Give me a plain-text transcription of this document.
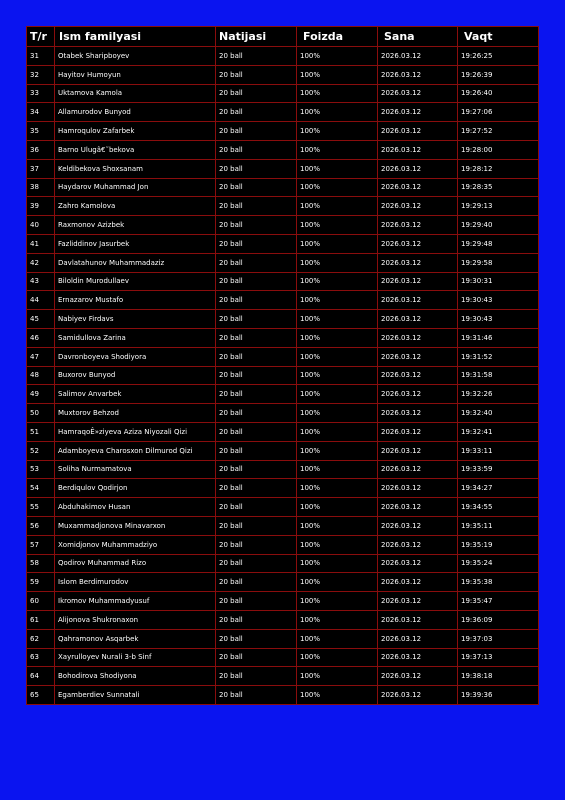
T/r	Ism familyasi	Natijasi	Foizda	Sana	Vaqt
31	Otabek Sharipboyev	20 ball	100%	2026.03.12	19:26:25
32	Hayitov Humoyun	20 ball	100%	2026.03.12	19:26:39
33	Uktamova Kamola	20 ball	100%	2026.03.12	19:26:40
34	Allamurodov Bunyod	20 ball	100%	2026.03.12	19:27:06
35	Hamroqulov Zafarbek	20 ball	100%	2026.03.12	19:27:52
36	Barno Ulugâ€˜bekova	20 ball	100%	2026.03.12	19:28:00
37	Keldibekova Shoxsanam	20 ball	100%	2026.03.12	19:28:12
38	Haydarov Muhammad Jon	20 ball	100%	2026.03.12	19:28:35
39	Zahro Kamolova	20 ball	100%	2026.03.12	19:29:13
40	Raxmonov Azizbek	20 ball	100%	2026.03.12	19:29:40
41	Fazliddinov Jasurbek	20 ball	100%	2026.03.12	19:29:48
42	Davlatahunov Muhammadaziz	20 ball	100%	2026.03.12	19:29:58
43	Biloldin Murodullaev	20 ball	100%	2026.03.12	19:30:31
44	Ernazarov Mustafo	20 ball	100%	2026.03.12	19:30:43
45	Nabiyev Firdavs	20 ball	100%	2026.03.12	19:30:43
46	Samidullova Zarina	20 ball	100%	2026.03.12	19:31:46
47	Davronboyeva Shodiyora	20 ball	100%	2026.03.12	19:31:52
48	Buxorov Bunyod	20 ball	100%	2026.03.12	19:31:58
49	Salimov Anvarbek	20 ball	100%	2026.03.12	19:32:26
50	Muxtorov Behzod	20 ball	100%	2026.03.12	19:32:40
51	HamraqoÊ»ziyeva Aziza Niyozali Qizi	20 ball	100%	2026.03.12	19:32:41
52	Adamboyeva Charosxon Dilmurod Qizi	20 ball	100%	2026.03.12	19:33:11
53	Soliha Nurmamatova	20 ball	100%	2026.03.12	19:33:59
54	Berdiqulov Qodirjon	20 ball	100%	2026.03.12	19:34:27
55	Abduhakimov Husan	20 ball	100%	2026.03.12	19:34:55
56	Muxammadjonova Minavarxon	20 ball	100%	2026.03.12	19:35:11
57	Xomidjonov Muhammadziyo	20 ball	100%	2026.03.12	19:35:19
58	Qodirov Muhammad Rizo	20 ball	100%	2026.03.12	19:35:24
59	Islom Berdimurodov	20 ball	100%	2026.03.12	19:35:38
60	Ikromov Muhammadyusuf	20 ball	100%	2026.03.12	19:35:47
61	Alijonova Shukronaxon	20 ball	100%	2026.03.12	19:36:09
62	Qahramonov Asqarbek	20 ball	100%	2026.03.12	19:37:03
63	Xayrulloyev Nurali 3-b Sinf	20 ball	100%	2026.03.12	19:37:13
64	Bohodirova Shodiyona	20 ball	100%	2026.03.12	19:38:18
65	Egamberdiev Sunnatali	20 ball	100%	2026.03.12	19:39:36
